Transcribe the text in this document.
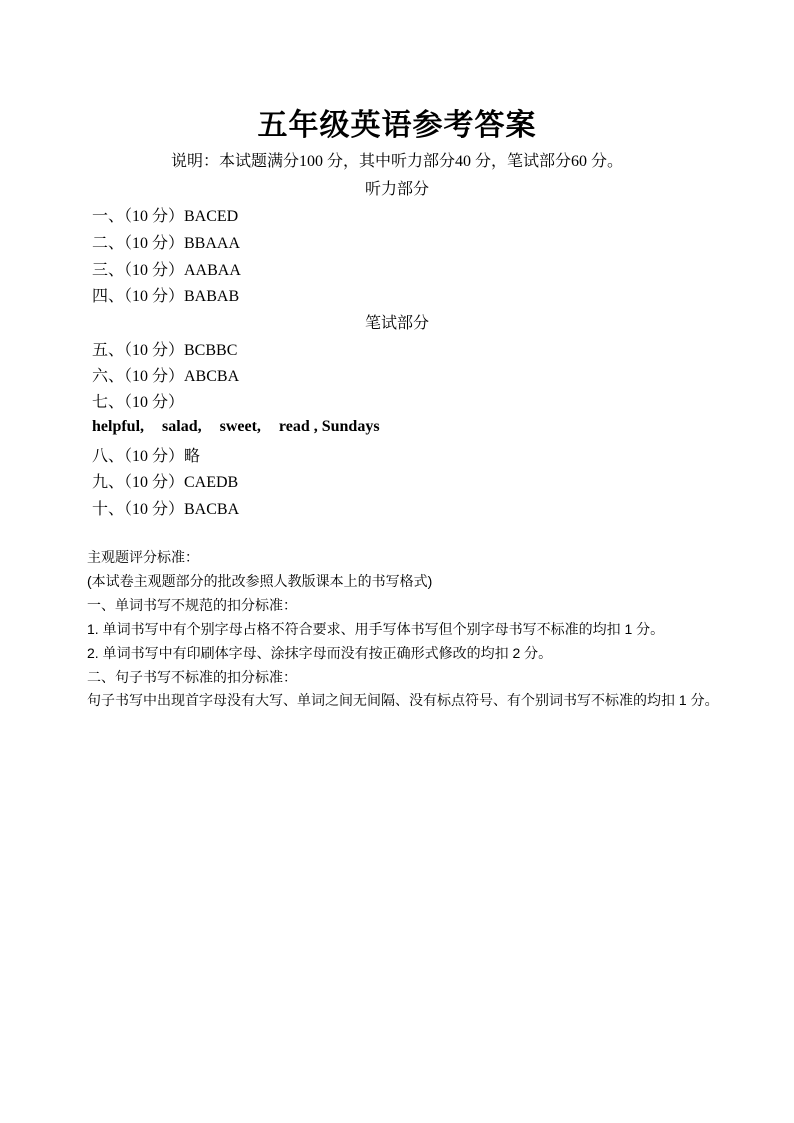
五年级英语参考答案
说明：本试题满分100 分，其中听力部分40 分，笔试部分60 分。
听力部分
一、（10 分）BACED
二、（10 分）BBAAA
三、（10 分）AABAA
四、（10 分）BABAB
笔试部分
五、（10 分）BCBBC
六、（10 分）ABCBA
七、（10 分）
helpful, salad, sweet, read , Sundays
八、（10 分）略
九、（10 分）CAEDB
十、（10 分）BACBA
主观题评分标准：
(本试卷主观题部分的批改参照人教版课本上的书写格式)
一、单词书写不规范的扣分标准：
1. 单词书写中有个别字母占格不符合要求、用手写体书写但个别字母书写不标准的均扣 1 分。
2. 单词书写中有印刷体字母、涂抹字母而没有按正确形式修改的均扣 2 分。
二、句子书写不标准的扣分标准：
句子书写中出现首字母没有大写、单词之间无间隔、没有标点符号、有个别词书写不标准的均扣 1 分。
